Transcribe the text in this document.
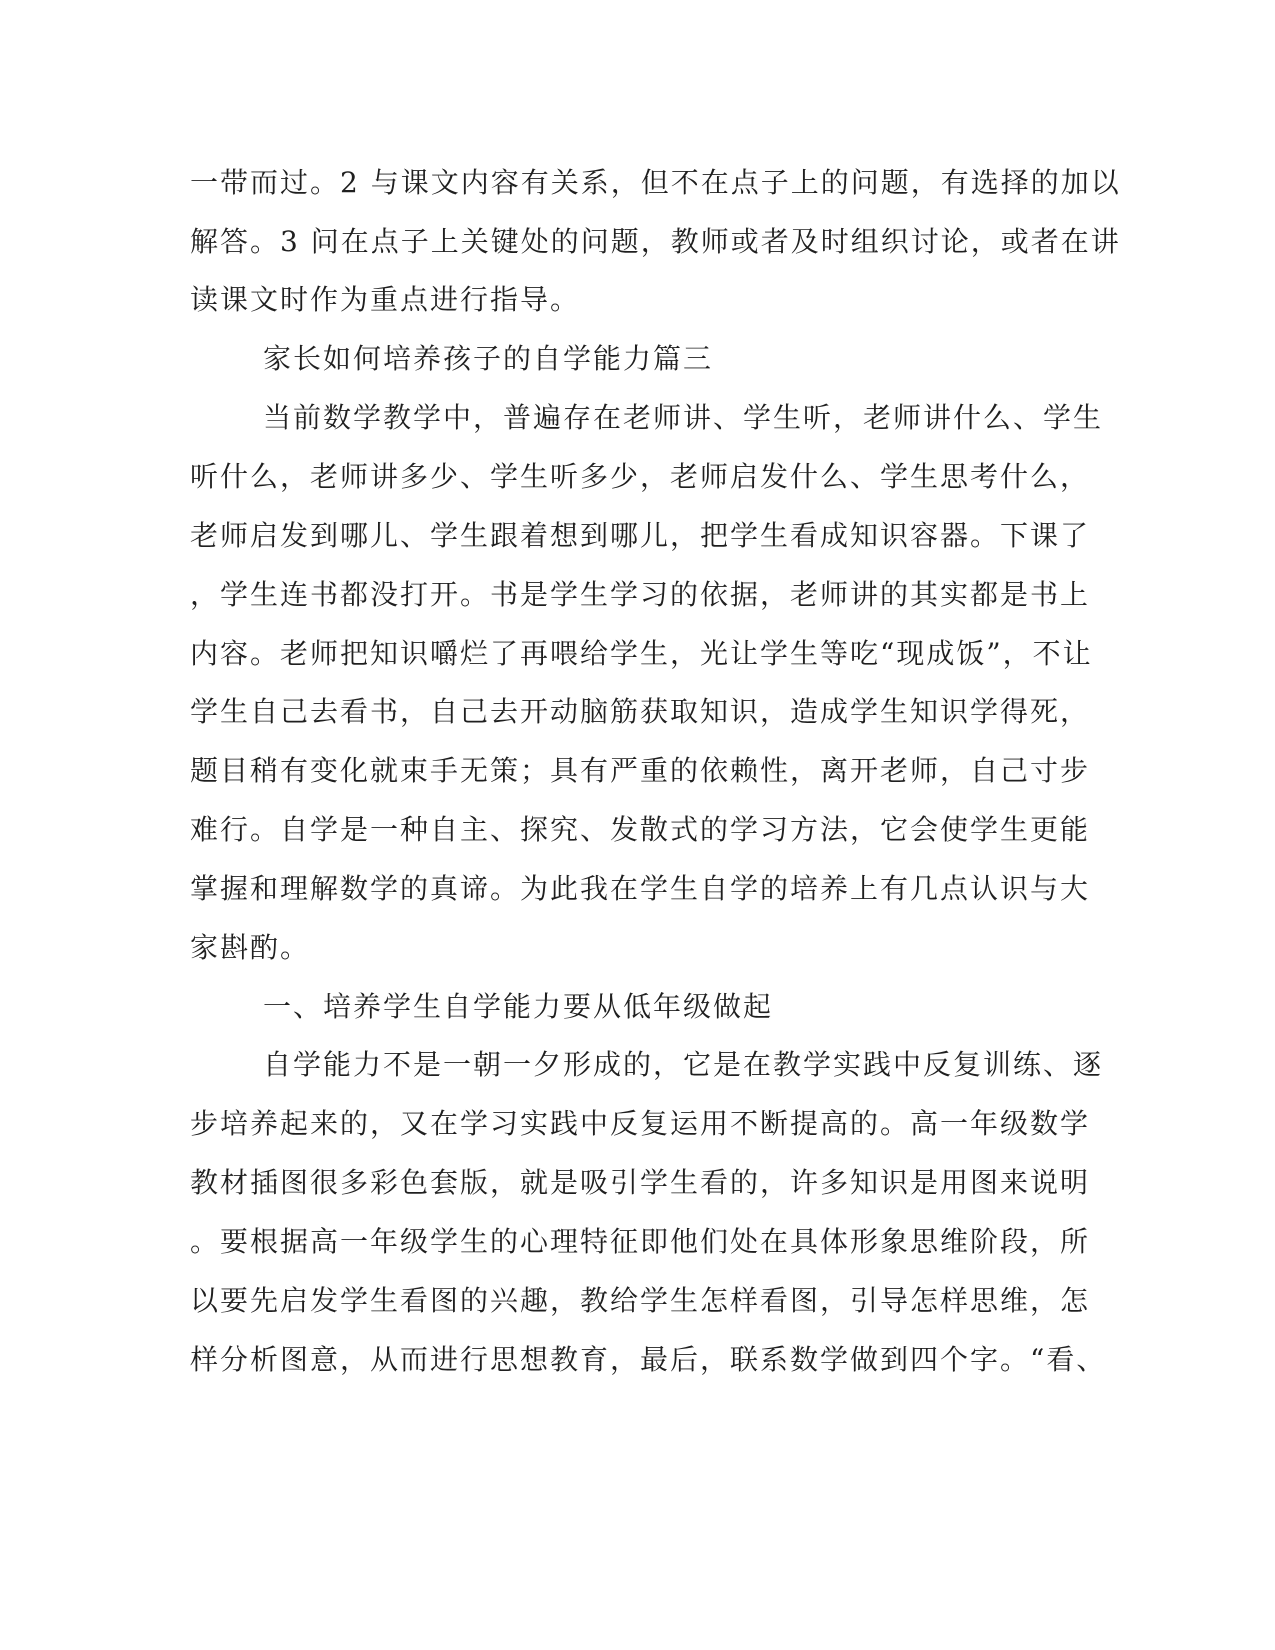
一带而过。2 与课文内容有关系，但不在点子上的问题，有选择的加以
解答。3 问在点子上关键处的问题，教师或者及时组织讨论，或者在讲
读课文时作为重点进行指导。
家长如何培养孩子的自学能力篇三
当前数学教学中，普遍存在老师讲、学生听，老师讲什么、学生
听什么，老师讲多少、学生听多少，老师启发什么、学生思考什么，
老师启发到哪儿、学生跟着想到哪儿，把学生看成知识容器。下课了
，学生连书都没打开。书是学生学习的依据，老师讲的其实都是书上
内容。老师把知识嚼烂了再喂给学生，光让学生等吃“现成饭”，不让
学生自己去看书，自己去开动脑筋获取知识，造成学生知识学得死，
题目稍有变化就束手无策；具有严重的依赖性，离开老师，自己寸步
难行。自学是一种自主、探究、发散式的学习方法，它会使学生更能
掌握和理解数学的真谛。为此我在学生自学的培养上有几点认识与大
家斟酌。
一、培养学生自学能力要从低年级做起
自学能力不是一朝一夕形成的，它是在教学实践中反复训练、逐
步培养起来的，又在学习实践中反复运用不断提高的。高一年级数学
教材插图很多彩色套版，就是吸引学生看的，许多知识是用图来说明
。要根据高一年级学生的心理特征即他们处在具体形象思维阶段，所
以要先启发学生看图的兴趣，教给学生怎样看图，引导怎样思维，怎
样分析图意，从而进行思想教育，最后，联系数学做到四个字。“看、
